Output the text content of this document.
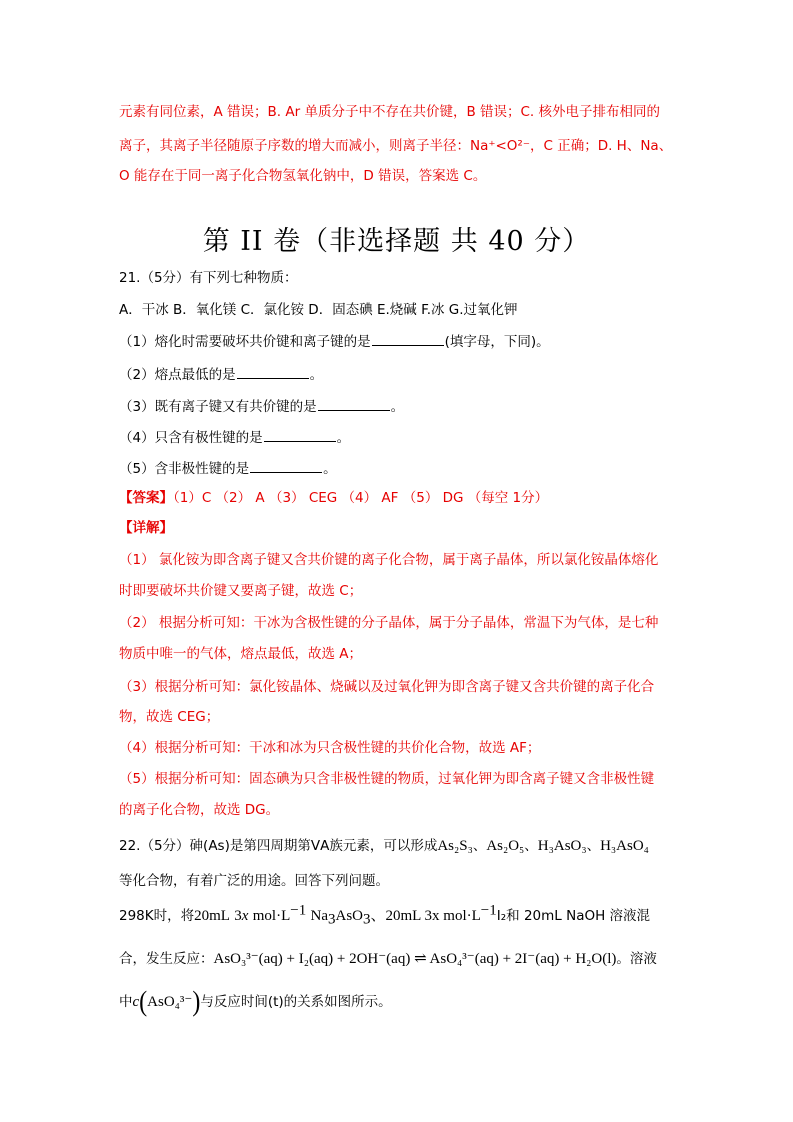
元素有同位素，A 错误；B. Ar 单质分子中不存在共价键，B 错误；C. 核外电子排布相同的
离子，其离子半径随原子序数的增大而减小，则离子半径：Na⁺<O²⁻，C 正确；D. H、Na、
O 能存在于同一离子化合物氢氧化钠中，D 错误，答案选 C。
第 II 卷（非选择题 共 40 分）
21.（5分）有下列七种物质：
A．干冰 B．氧化镁 C．氯化铵 D．固态碘 E.烧碱 F.冰 G.过氧化钾
（1）熔化时需要破坏共价键和离子键的是	(填字母，下同)。
（2）熔点最低的是	。
（3）既有离子键又有共价键的是	。
（4）只含有极性键的是	。
（5）含非极性键的是	。
【答案】（1）C （2） A （3） CEG （4） AF （5） DG （每空 1分）
【详解】
（1） 氯化铵为即含离子键又含共价键的离子化合物，属于离子晶体，所以氯化铵晶体熔化
时即要破坏共价键又要离子键，故选 C；
（2） 根据分析可知：干冰为含极性键的分子晶体，属于分子晶体，常温下为气体，是七种
物质中唯一的气体，熔点最低，故选 A；
（3）根据分析可知：氯化铵晶体、烧碱以及过氧化钾为即含离子键又含共价键的离子化合
物，故选 CEG；
（4）根据分析可知：干冰和冰为只含极性键的共价化合物，故选 AF；
（5）根据分析可知：固态碘为只含非极性键的物质，过氧化钾为即含离子键又含非极性键
的离子化合物，故选 DG。
22.（5分）砷(As)是第四周期第ⅤA族元素，可以形成As₂S₃、As₂O₅、H₃AsO₃、H₃AsO₄
等化合物，有着广泛的用途。回答下列问题。
298K时，将20mL 3x $mol\cdot L^{-1}$ $Na_3AsO_3$、20mL 3x $mol\cdot L^{-1}I_2$和 20mL NaOH 溶液混
合，发生反应：AsO₃³⁻(aq) + I₂(aq) + 2OH⁻(aq) ⇌ AsO₄³⁻(aq) + 2I⁻(aq) + H₂O(l)。溶液
中c(AsO₄³⁻)与反应时间(t)的关系如图所示。
